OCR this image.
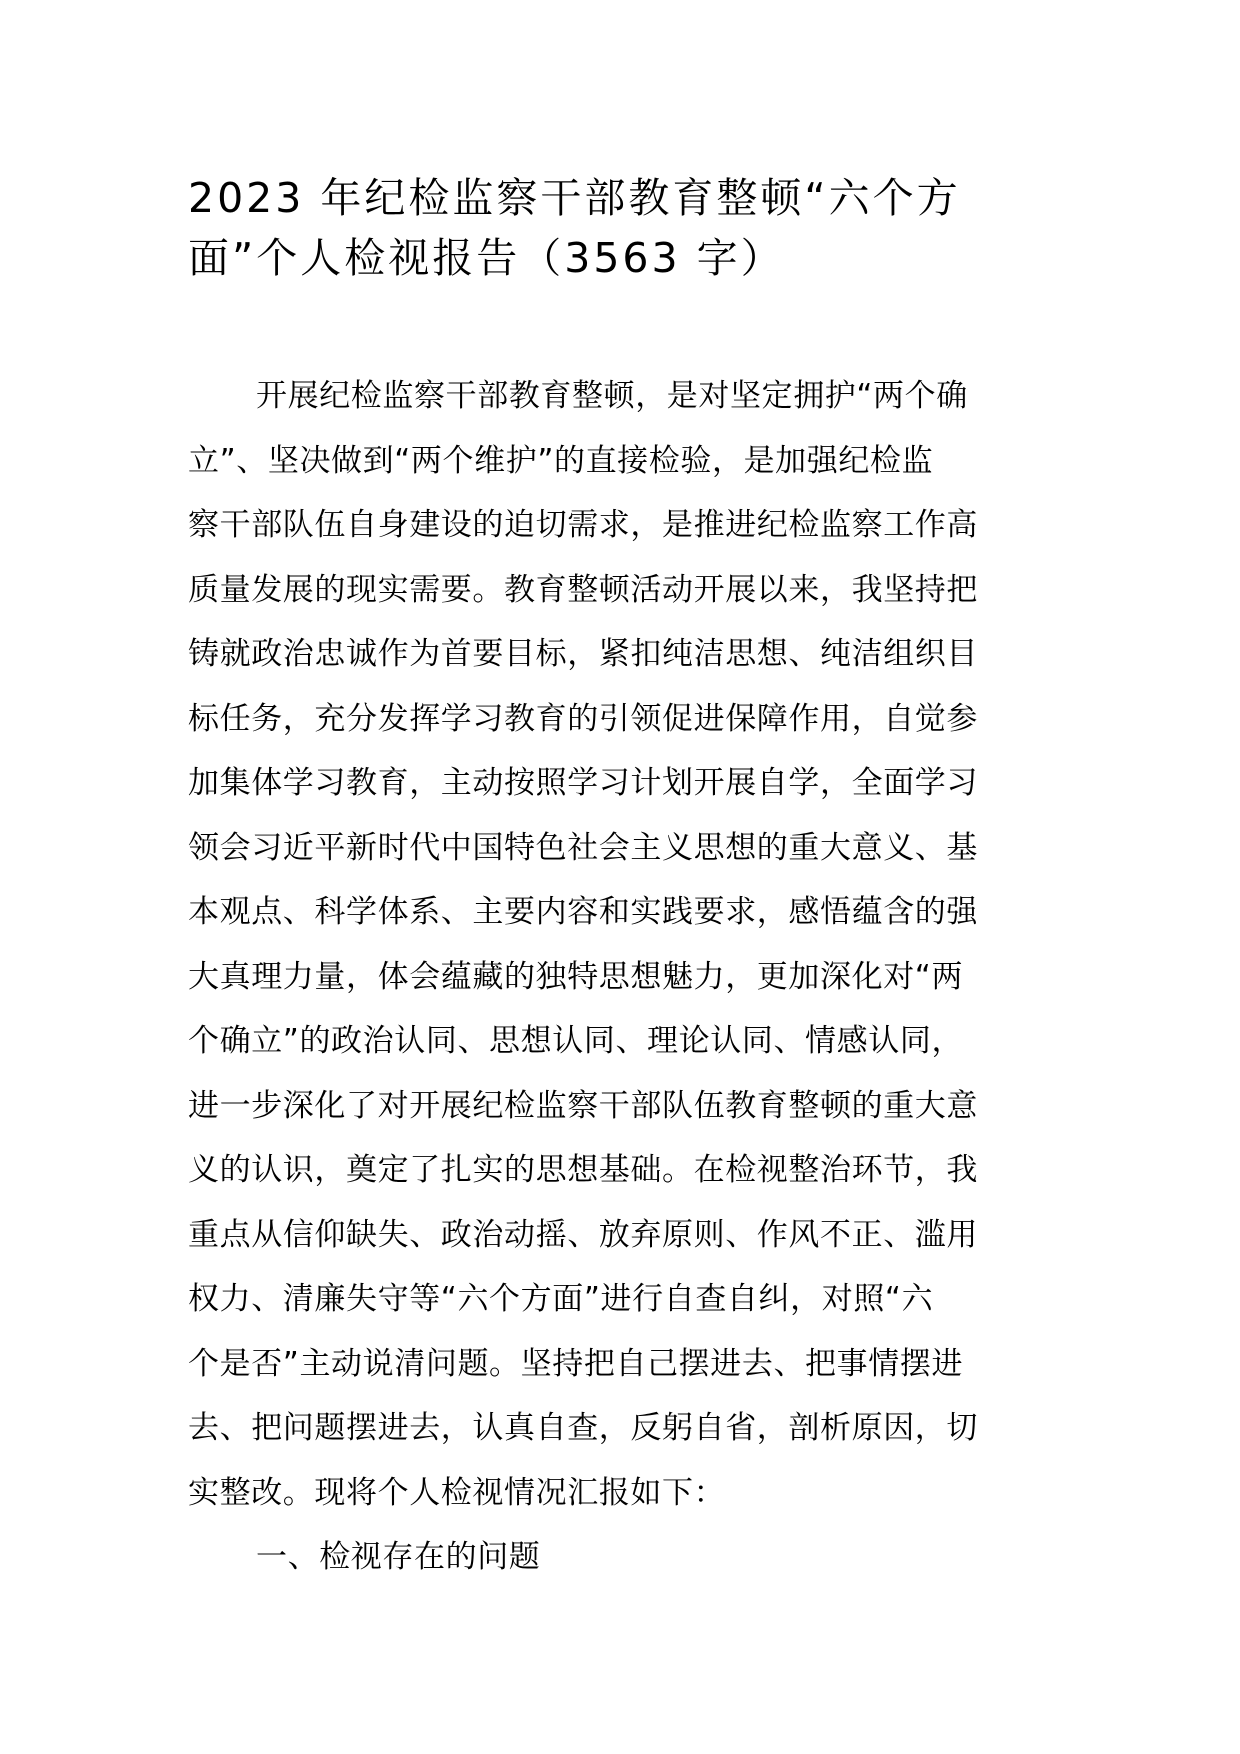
2023 年纪检监察干部教育整顿“六个方
面”个人检视报告（3563 字）
开展纪检监察干部教育整顿，是对坚定拥护“两个确
立”、坚决做到“两个维护”的直接检验，是加强纪检监
察干部队伍自身建设的迫切需求，是推进纪检监察工作高
质量发展的现实需要。教育整顿活动开展以来，我坚持把
铸就政治忠诚作为首要目标，紧扣纯洁思想、纯洁组织目
标任务，充分发挥学习教育的引领促进保障作用，自觉参
加集体学习教育，主动按照学习计划开展自学，全面学习
领会习近平新时代中国特色社会主义思想的重大意义、基
本观点、科学体系、主要内容和实践要求，感悟蕴含的强
大真理力量，体会蕴藏的独特思想魅力，更加深化对“两
个确立”的政治认同、思想认同、理论认同、情感认同，
进一步深化了对开展纪检监察干部队伍教育整顿的重大意
义的认识，奠定了扎实的思想基础。在检视整治环节，我
重点从信仰缺失、政治动摇、放弃原则、作风不正、滥用
权力、清廉失守等“六个方面”进行自查自纠，对照“六
个是否”主动说清问题。坚持把自己摆进去、把事情摆进
去、把问题摆进去，认真自查，反躬自省，剖析原因，切
实整改。现将个人检视情况汇报如下：
一、检视存在的问题
